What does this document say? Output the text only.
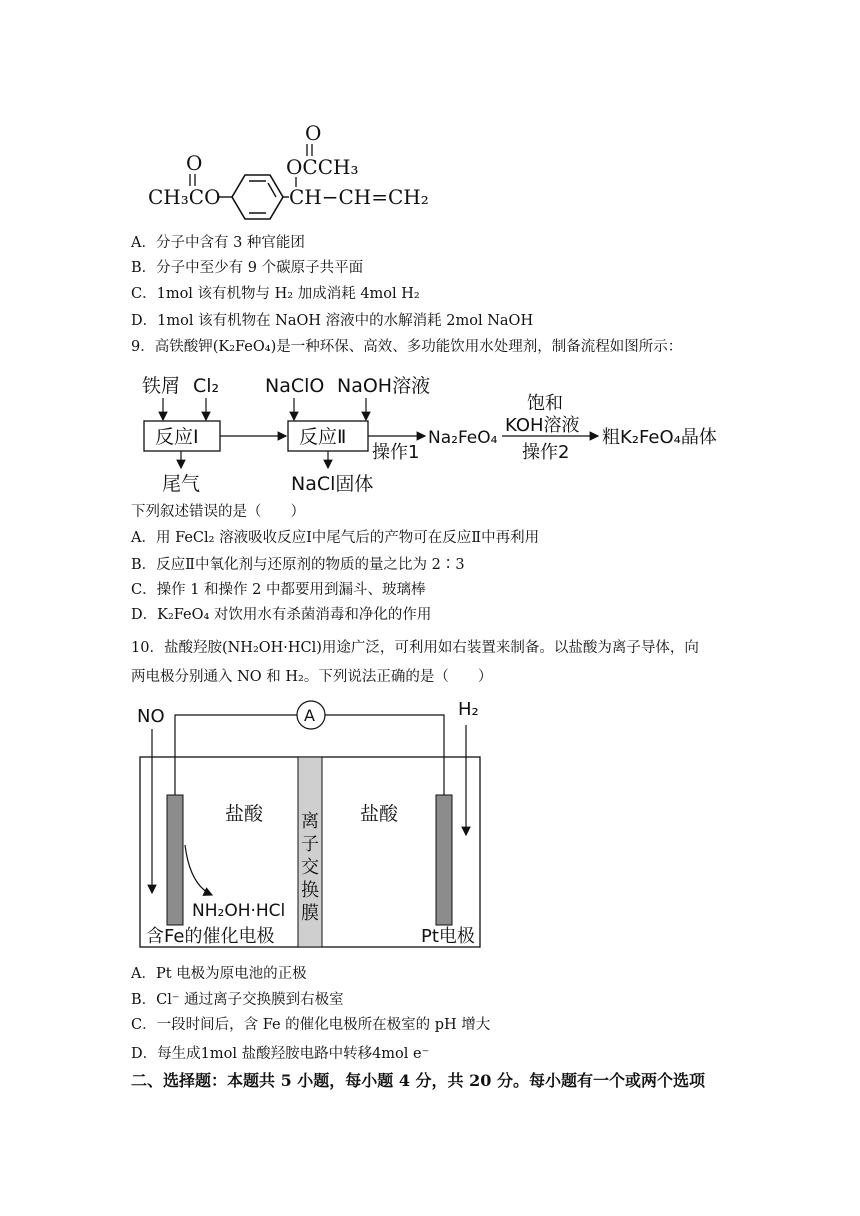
O
OCCH₃
O
CH₃CO	CH−CH=CH₂
A．分子中含有 3 种官能团
B．分子中至少有 9 个碳原子共平面
C．1mol 该有机物与 H₂ 加成消耗 4mol H₂
D．1mol 该有机物在 NaOH 溶液中的水解消耗 2mol NaOH
9．高铁酸钾(K₂FeO₄)是一种环保、高效、多功能饮用水处理剂，制备流程如图所示：
铁屑 Cl₂ NaClO NaOH溶液
反应Ⅰ	反应Ⅱ
操作1
尾气	NaCl固体
Na₂FeO₄
饱和
KOH溶液
操作2
粗K₂FeO₄晶体
下列叙述错误的是（　　）
A．用 FeCl₂ 溶液吸收反应Ⅰ中尾气后的产物可在反应Ⅱ中再利用
B．反应Ⅱ中氧化剂与还原剂的物质的量之比为 2∶3
C．操作 1 和操作 2 中都要用到漏斗、玻璃棒
D．K₂FeO₄ 对饮用水有杀菌消毒和净化的作用
10．盐酸羟胺(NH₂OH·HCl)用途广泛，可利用如右装置来制备。以盐酸为离子导体，向
两电极分别通入 NO 和 H₂。下列说法正确的是（　　）
NO	H₂
A
离
子
交
换
膜
盐酸	盐酸
NH₂OH·HCl
含Fe的催化电极	Pt电极
A．Pt 电极为原电池的正极
B．Cl⁻ 通过离子交换膜到右极室
C．一段时间后，含 Fe 的催化电极所在极室的 pH 增大
D．每生成1mol 盐酸羟胺电路中转移4mol e⁻
二、选择题：本题共 5 小题，每小题 4 分，共 20 分。每小题有一个或两个选项
